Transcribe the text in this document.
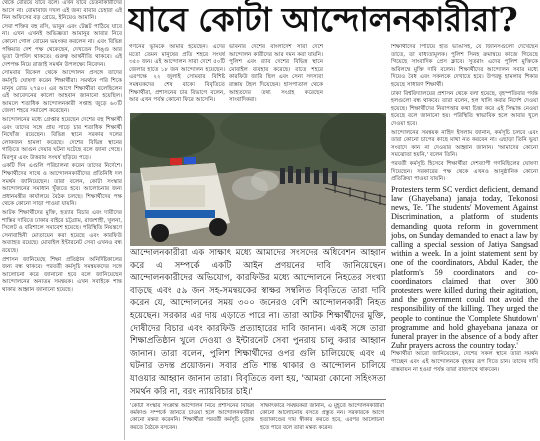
যাবে কোটা আন্দোলনকারীরা?

থেকে বেরিয়ে যাবে বলে। এখন যাবে চেতনাকারীদের আসে না। বোমাবাজ দখল এই জন্য বাবার চেহারা এই নিন অফিসের বড় গ্রেডে, ইনিয়েও আমানি।

সেবা শক্তির বহু রসি, ভাবুন এবং টেক্সট পাঠিয়ে যাবে না। এখন এখনই অভিজ্ঞতা আমানুর আবার নিবে কোনো গোল বোমেন ভয়ংকর করলেন না। এবং বিভিন্ন পক্ষিয়ার দেশ পক্ষ থেকেছেন, দেখতেন সিঙ্গু আর ভূতা উপবিদ থাকতে। গুরুত্ব আর্থনীতি থাকবে। এই দেশপক্ষ নিয়ে রাজাই সমর্থন উপলক্ষ্যে নিবেদন।

সোমবার বিকেল থেকে আন্দোলন প্রসঙ্গে তাদের কর্মসূচি ঘোষণা করেন শিক্ষার্থীরা। সমর্থনে পরি শিকে মানুষ রোড ২৭৪০। এর আগে শিক্ষার্থীরা বলেছিলেন এই আবেদনের কালো আহবান জানানো হয়েছিল। আমলে শতাধিক আন্দোলনকারী সপ্তাহ জুড়ে ৬০টি জেলা শহরে সমাবেশ করেছেন।

আন্দোলনের মধ্যে গ্রেপ্তার হয়েছেন দেশের বহু শিক্ষার্থী এবং তাদের সঙ্গে প্রায় সাড়ে চার শতাধিক শিক্ষার্থী নিখোঁজ রয়েছেন। বিভিন্ন স্থানে সরকার দলের লোকজন হামলা করেছে। দেশের বিভিন্ন স্থানের গাড়িতে আগুন দেয়ার ঘটনা ঘটেছে বলে জানা গেছে। মিরপুর এবং উত্তরায় সংঘর্ষ ছড়িয়ে পড়ে।

একটি দিন এগুলি পরিচালনা করেন তাদের নির্দেশে। শিক্ষার্থীদের সাথে ও আন্দোলনকারীদের প্রতিনিধি দল সমর্থন জানিয়েছেন। তারা বলেন, কোটা সংস্কার আন্দোলনের সমাধান খুঁজতে হবে। আলোচনার জন্য প্রধানমন্ত্রীর কার্যালয়ে বৈঠক চলছে। শিক্ষার্থীদের পক্ষ থেকে কোনো সাড়া পাওয়া যায়নি।

আটক শিক্ষার্থীদের মুক্তি, হত্যার বিচার এবং দায়ীদের শাস্তির দাবিতে ঢাকার বাইরে চট্টগ্রাম, রাজশাহী, খুলনা, সিলেট ও বরিশালে সমাবেশ হয়েছে। পরিস্থিতি নিয়ন্ত্রণে সেনাবাহিনী মোতায়েন করা হয়েছে এবং কারফিউ অব্যাহত রয়েছে। মোবাইল ইন্টারনেট সেবা এখনও বন্ধ রয়েছে।

প্রশাসন জানিয়েছে শিক্ষা প্রতিষ্ঠান অনির্দিষ্টকালের জন্য বন্ধ থাকবে। পরবর্তী কর্মসূচি সমন্বয়কদের সঙ্গে আলোচনা করে জানানো হবে বলে জানিয়েছেন আন্দোলনের অন্যতম সমন্বয়ক। এখন সবাইকে শান্ত থাকার আহ্বান জানানো হয়েছে।

গণনের ভূমিকে আমার হয়েছেন। এদের মতো তেমন মানুষের প্রতি শহরে সংঘর্ষ ৩৫০ জন। এই আন্দোলন সারা দেশে ৫০টি জেলার হাতে ১৮ জন আন্দোলন হয়েছেন। এরপক্ষে ২২ জুলাই সোমবার বিশিষ্ট সমন্বয়কদের শেষ বাক্যে বিবৃতিতে শিক্ষার্থীরা, প্রশাসনের চার বিভাগে বলেন, আর এখন পর্যন্ত কোনো ফিরে আসেনি।

ভাবনার দেশের বাংলাদেশ সারা দেশে আন্দোলন কারীদের আর দমন করা যায়নি। পুলিশ এবং র‍্যাব দেশের বিভিন্ন স্থানে মোবাইল ব্যবহার করেছে। রাতে শহরে কারফিউ জারি ছিল এবং সেনা সদস্যরা রাস্তায় টহল দিয়েছেন। হাসপাতাল থেকে আহতদের তথ্য সংগ্রহ করেছেন সাংবাদিকরা।

আন্দোলনকারীরা এক সাক্ষাৎ মধ্যে আমাদের সংসদের অধিবেশন আহ্বান করে এ সম্পর্কে একটি আইন প্রণয়নের দাবি জানিয়েছেন। আন্দোলনকারীদের অভিযোগ, কারফিউর মধ্যে আন্দোলনে নিহতের সংখ্যা বাড়ছে এবং ৫৯ জন সহ-সমন্বয়কের স্বাক্ষর সম্বলিত বিবৃতিতে তারা দাবি করেন যে, আন্দোলনের সময় ৩০০ জনেরও বেশি আন্দোলনকারী নিহত হয়েছেন। সরকার এর দায় এড়াতে পারে না। তারা আটক শিক্ষার্থীদের মুক্তি, দোষীদের বিচার এবং কারফিউ প্রত্যাহারের দাবি জানান। একই সঙ্গে তারা শিক্ষাপ্রতিষ্ঠান খুলে দেওয়া ও ইন্টারনেট সেবা পুনরায় চালু করার আহ্বান জানান। তারা বলেন, পুলিশ শিক্ষার্থীদের ওপর গুলি চালিয়েছে এবং এ ঘটনার তদন্ত প্রয়োজন। সবার প্রতি শান্ত থাকার ও আন্দোলন চালিয়ে যাওয়ার আহ্বান জানান তারা। বিবৃতিতে বলা হয়, 'আমরা কোনো সহিংসতা সমর্থন করি না, বরং ন্যায়বিচার চাই।'
'কোটা সংস্কার সংক্রান্ত আন্দোলন নিয়ে প্রশাসনের বিভিন্ন কর্মকাণ্ড সম্পর্কে জানতে চাওয়া হলে আন্দোলনকারীরা কোনো মন্তব্য করেননি। শিক্ষার্থীরা পরবর্তী কর্মসূচি চূড়ান্ত করতে বৈঠকে বসবেন।
সাক্ষাৎকারে সমন্বয়করা জানান, এ মুহূর্তে আন্দোলনকারীরা কোনো আলোচনায় বসতে প্রস্তুত নন। সরকারকে আগে হত্যাকাণ্ডের দায় স্বীকার করতে হবে, এরপর আলোচনা হতে পারে বলে তারা মন্তব্য করেন।

শিক্ষার্থীদের পিটিয়ে হাত ভাঙাসহ, যে জিনিসগুলো দেখেছেন তাতে, তা বাধ্যতামূলক। পুলিশ সিনহ ক্রমান্বয়ে কাজে গিয়েছে গিয়েছে সাংবাদিক প্রেস ক্লাবে। সুতরাং এদের পুলিশ মুক্তিকে অবিলম্বে মুক্তি দাবি বলেন। শিক্ষার্থীদের আন্দোলন সবার মধ্যে দিয়েও বৈধ এবং সকলকে দেখাতে হবে। উপরন্তু হামলার শিকার হয়েছে সাধারণ শিক্ষার্থী।

ঢাকা বিশ্ববিদ্যালয়ের প্রশাসন থেকে বলা হয়েছে, বৃহস্পতিবার পর্যন্ত হলগুলো বন্ধ থাকবে। তারা বলেন, হল খালি করার নির্দেশ দেওয়া হয়েছে। শিক্ষার্থীদের নিরাপত্তার কথা চিন্তা করে এই সিদ্ধান্ত নেওয়া হয়েছে বলে জানানো হয়। পরিস্থিতি স্বাভাবিক হলে আবার খুলে দেওয়া হবে।

আন্দোলনের সমন্বয়ক নাহিদ ইসলাম জানান, কর্মসূচি চলবে এবং তারা কোনো চাপের কাছে মাথা নত করবেন না। এছাড়া তিনি ভুয়া সংবাদে কান না দেওয়ার আহ্বান জানান। 'আমাদের কোনো সমঝোতা হয়নি,' বলেন তিনি।

পরবর্তী কর্মসূচি হিসেবে শিক্ষার্থীরা দেশব্যাপী গণমিছিলের ঘোষণা দিয়েছেন। সরকারের পক্ষ থেকে এখনও আনুষ্ঠানিক কোনো প্রতিক্রিয়া পাওয়া যায়নি।

Protesters term SC verdict deficient, demand law (Ghayebana) janaja today, Tekonosi news, Te. 'The students' Movement Against Discrimination, a platform of students demanding quota reform in government jobs, on Sunday demanded to enact a law by calling a special session of Jatiya Sangsad within a week. In a joint statement sent by one of the coordinators, Abdul Kader, the platform's 59 coordinators and co-coordinators claimed that over 300 protesters were killed during their agitation, and the government could not avoid the responsibility of the killing. They urged the people to continue the 'Complete Shutdown' programme and hold ghayebana janaza or funeral prayer in the absence of a body after Zuhr prayers across the country today.'

শিক্ষার্থীরা আরো জানিয়েছেন, দেশের সকল স্থানে তারা সমর্থন পাচ্ছেন এবং এই আন্দোলনকে বৃহত্তর রূপ দিতে চান। তাদের দাবি বাস্তবায়ন না হওয়া পর্যন্ত তারা রাজপথে থাকবেন।
